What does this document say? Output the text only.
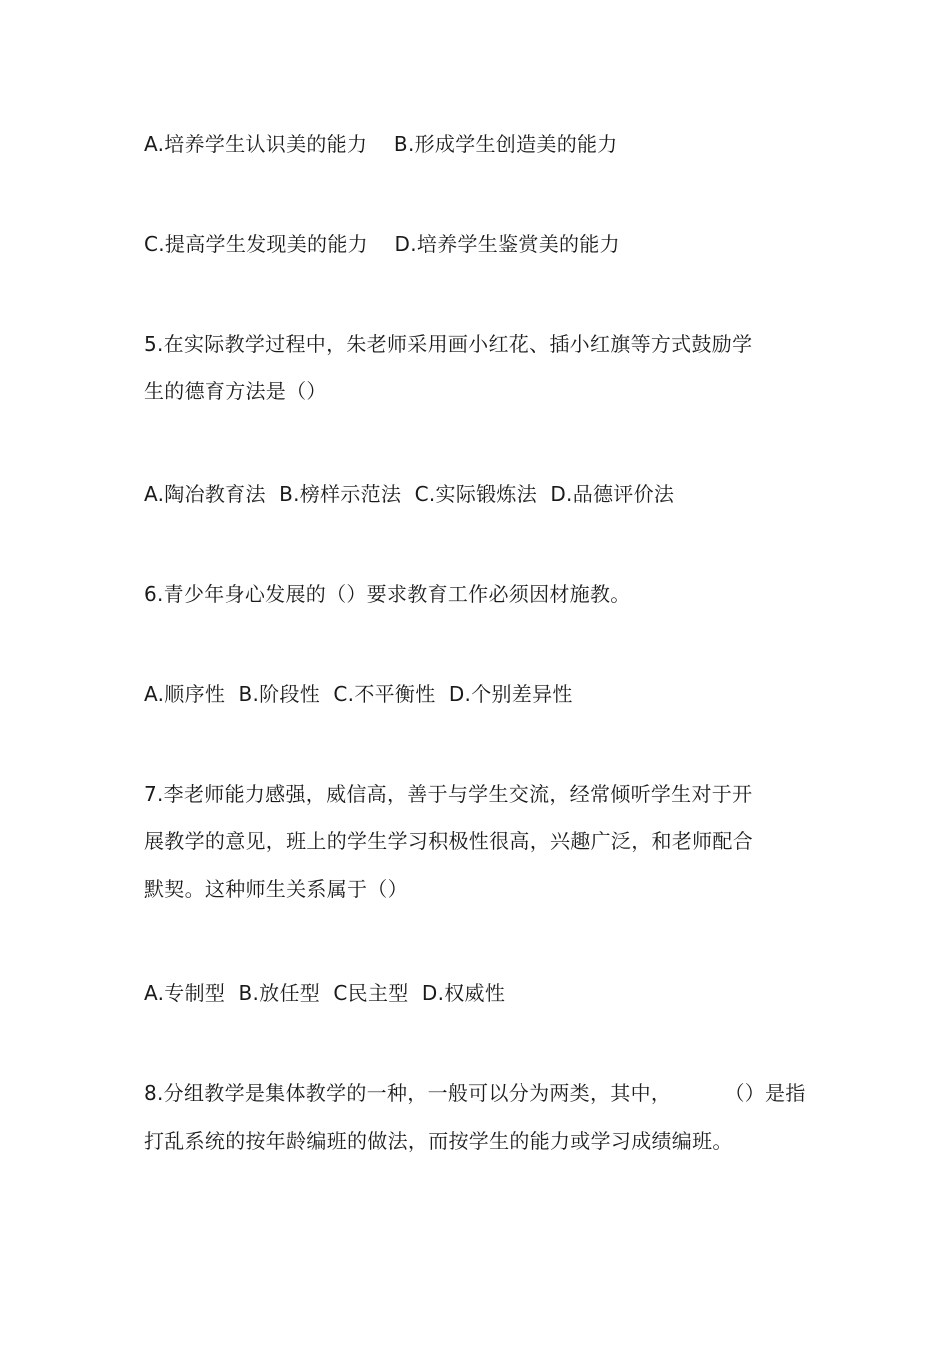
A.培养学生认识美的能力    B.形成学生创造美的能力
C.提高学生发现美的能力    D.培养学生鉴赏美的能力
5.在实际教学过程中，朱老师采用画小红花、插小红旗等方式鼓励学
生的德育方法是（）
A.陶冶教育法  B.榜样示范法  C.实际锻炼法  D.品德评价法
6.青少年身心发展的（）要求教育工作必须因材施教。
A.顺序性  B.阶段性  C.不平衡性  D.个别差异性
7.李老师能力感强，威信高，善于与学生交流，经常倾听学生对于开
展教学的意见，班上的学生学习积极性很高，兴趣广泛，和老师配合
默契。这种师生关系属于（）
A.专制型  B.放任型  C民主型  D.权威性
8.分组教学是集体教学的一种，一般可以分为两类，其中，        （）是指
打乱系统的按年龄编班的做法，而按学生的能力或学习成绩编班。
